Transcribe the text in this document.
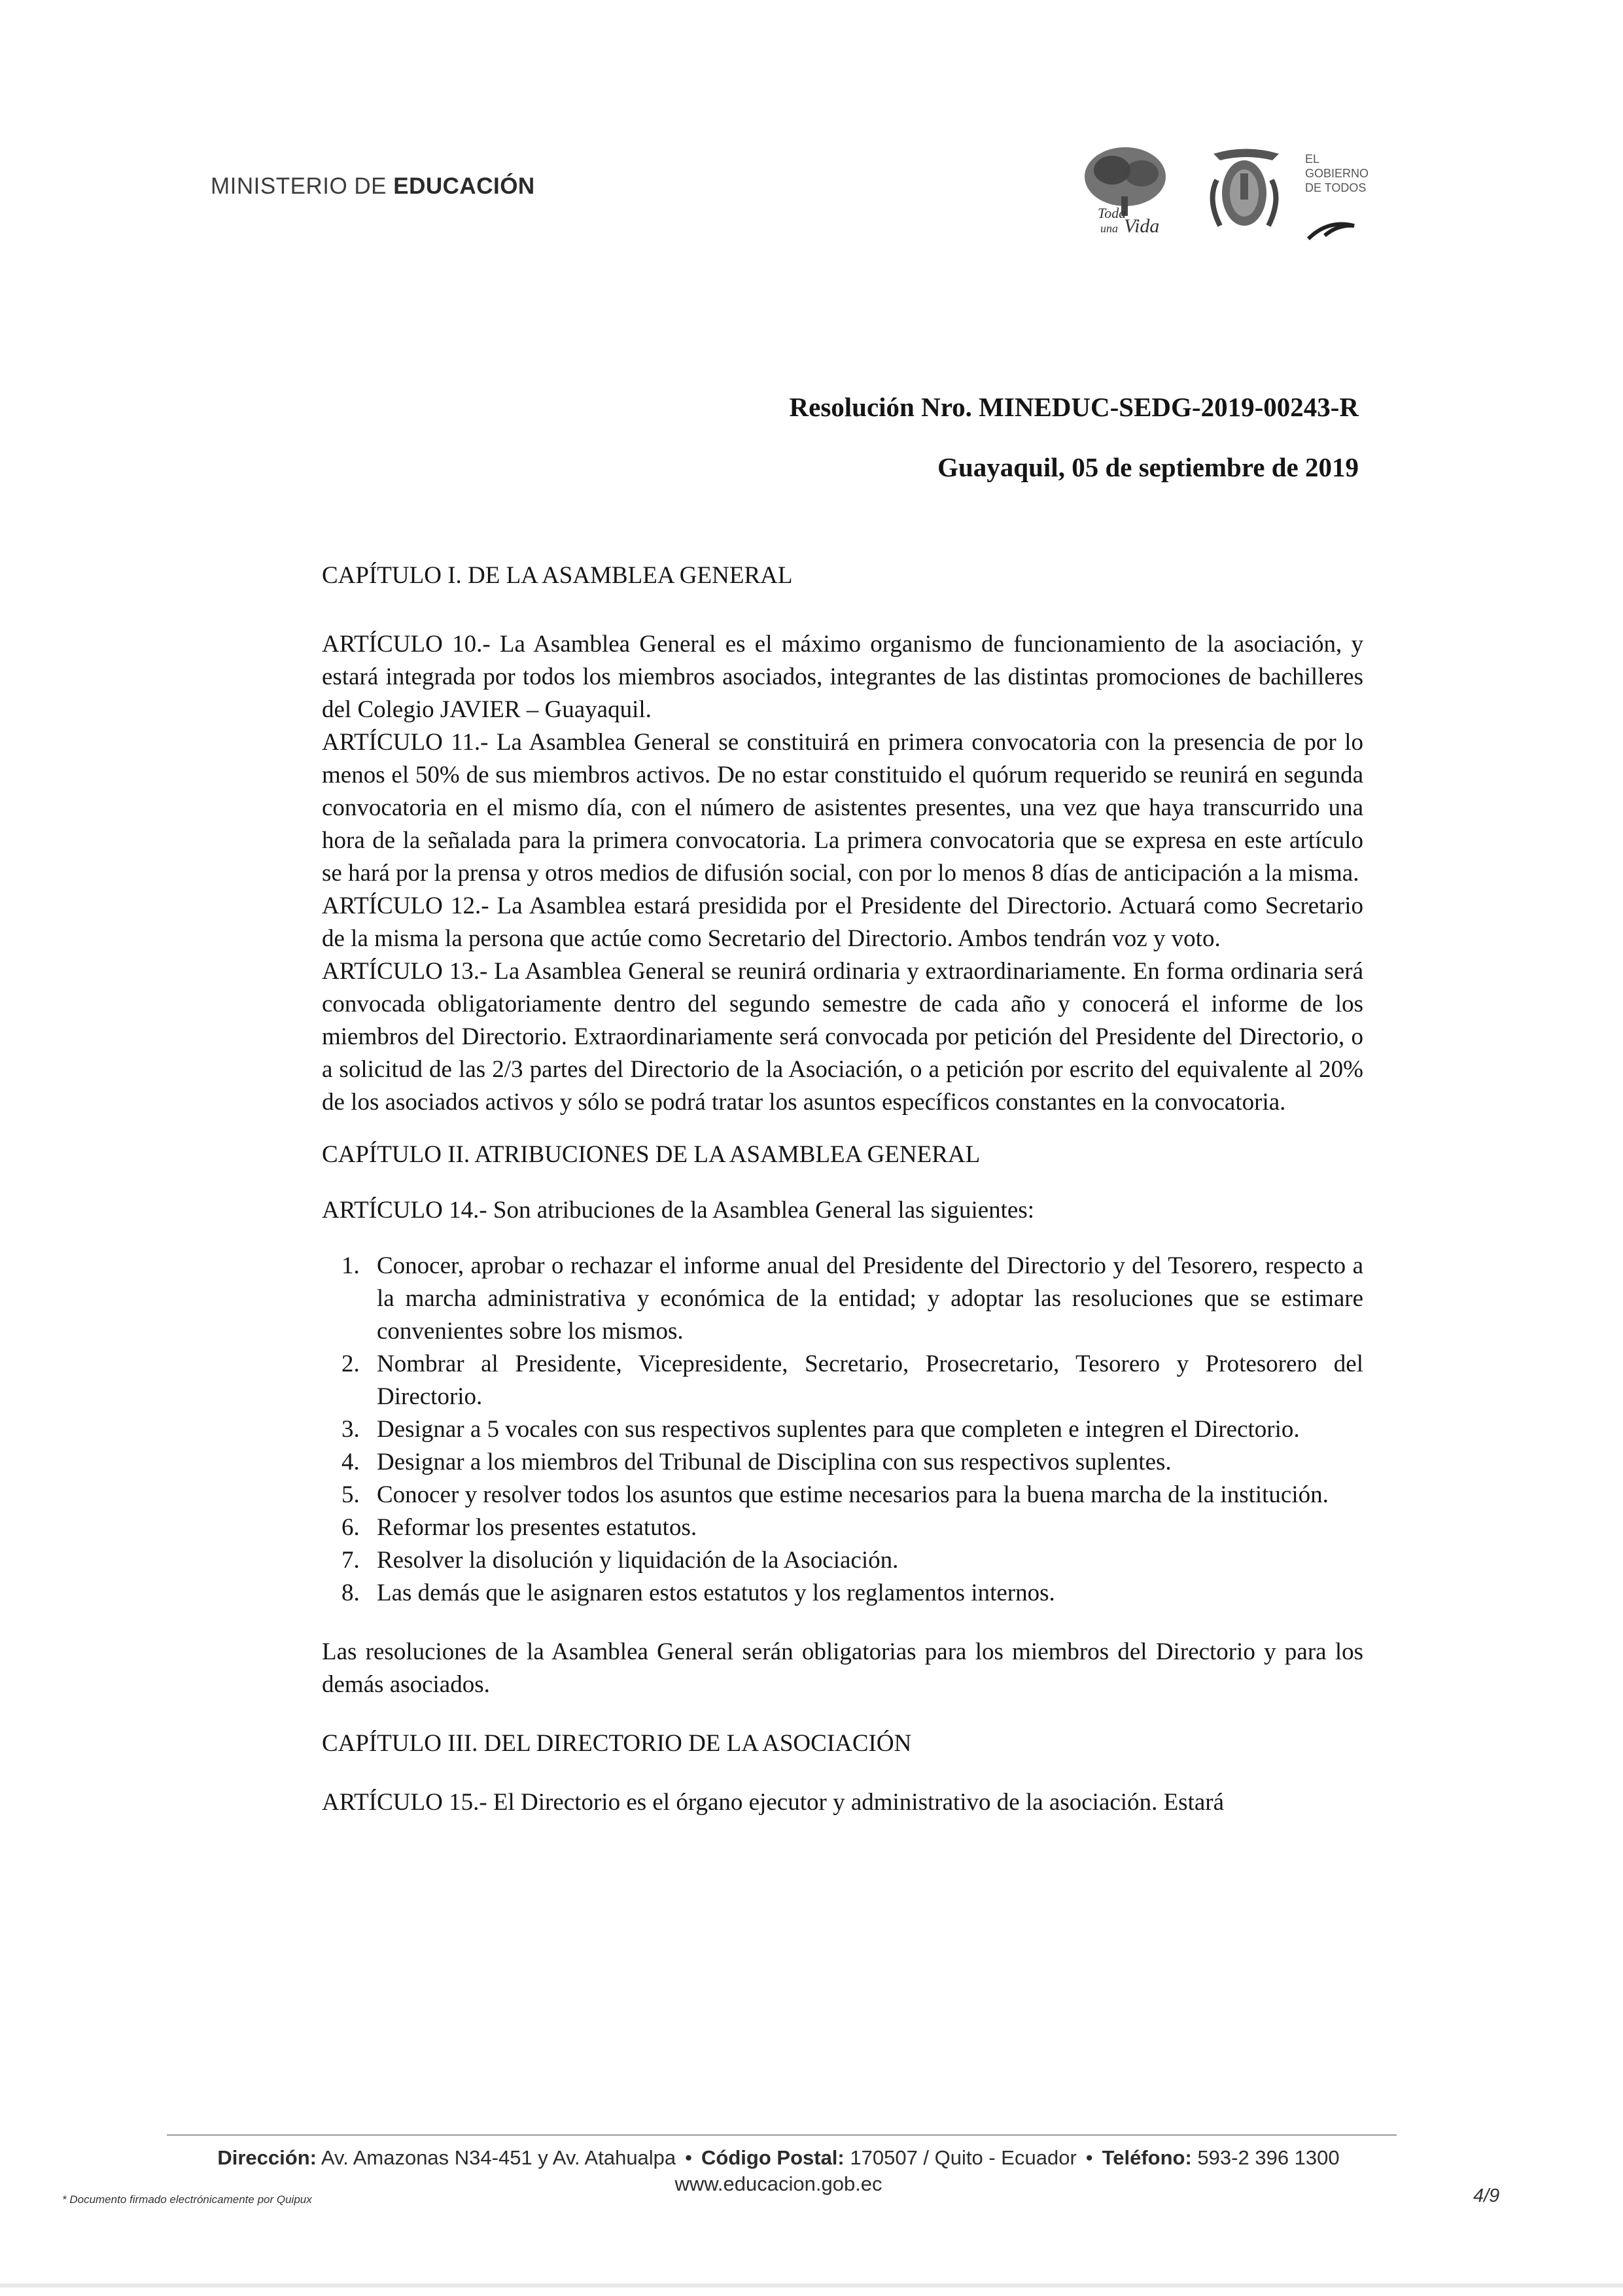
MINISTERIO DE EDUCACIÓN
Toda
una Vida
EL
GOBIERNO
DE TODOS
Resolución Nro. MINEDUC-SEDG-2019-00243-R
Guayaquil, 05 de septiembre de 2019

CAPÍTULO I. DE LA ASAMBLEA GENERAL

ARTÍCULO 10.- La Asamblea General es el máximo organismo de funcionamiento de la asociación, y estará integrada por todos los miembros asociados, integrantes de las distintas promociones de bachilleres del Colegio JAVIER – Guayaquil.

ARTÍCULO 11.- La Asamblea General se constituirá en primera convocatoria con la presencia de por lo menos el 50% de sus miembros activos. De no estar constituido el quórum requerido se reunirá en segunda convocatoria en el mismo día, con el número de asistentes presentes, una vez que haya transcurrido una hora de la señalada para la primera convocatoria. La primera convocatoria que se expresa en este artículo se hará por la prensa y otros medios de difusión social, con por lo menos 8 días de anticipación a la misma.

ARTÍCULO 12.- La Asamblea estará presidida por el Presidente del Directorio. Actuará como Secretario de la misma la persona que actúe como Secretario del Directorio. Ambos tendrán voz y voto.

ARTÍCULO 13.- La Asamblea General se reunirá ordinaria y extraordinariamente. En forma ordinaria será convocada obligatoriamente dentro del segundo semestre de cada año y conocerá el informe de los miembros del Directorio. Extraordinariamente será convocada por petición del Presidente del Directorio, o a solicitud de las 2/3 partes del Directorio de la Asociación, o a petición por escrito del equivalente al 20% de los asociados activos y sólo se podrá tratar los asuntos específicos constantes en la convocatoria.

CAPÍTULO II. ATRIBUCIONES DE LA ASAMBLEA GENERAL

ARTÍCULO 14.- Son atribuciones de la Asamblea General las siguientes:

1. Conocer, aprobar o rechazar el informe anual del Presidente del Directorio y del Tesorero, respecto a la marcha administrativa y económica de la entidad; y adoptar las resoluciones que se estimare convenientes sobre los mismos.
2. Nombrar al Presidente, Vicepresidente, Secretario, Prosecretario, Tesorero y Protesorero del Directorio.
3. Designar a 5 vocales con sus respectivos suplentes para que completen e integren el Directorio.
4. Designar a los miembros del Tribunal de Disciplina con sus respectivos suplentes.
5. Conocer y resolver todos los asuntos que estime necesarios para la buena marcha de la institución.
6. Reformar los presentes estatutos.
7. Resolver la disolución y liquidación de la Asociación.
8. Las demás que le asignaren estos estatutos y los reglamentos internos.

Las resoluciones de la Asamblea General serán obligatorias para los miembros del Directorio y para los demás asociados.

CAPÍTULO III. DEL DIRECTORIO DE LA ASOCIACIÓN

ARTÍCULO 15.- El Directorio es el órgano ejecutor y administrativo de la asociación. Estará

Dirección: Av. Amazonas N34-451 y Av. Atahualpa • Código Postal: 170507 / Quito - Ecuador • Teléfono: 593-2 396 1300
www.educacion.gob.ec
* Documento firmado electrónicamente por Quipux	4/9
